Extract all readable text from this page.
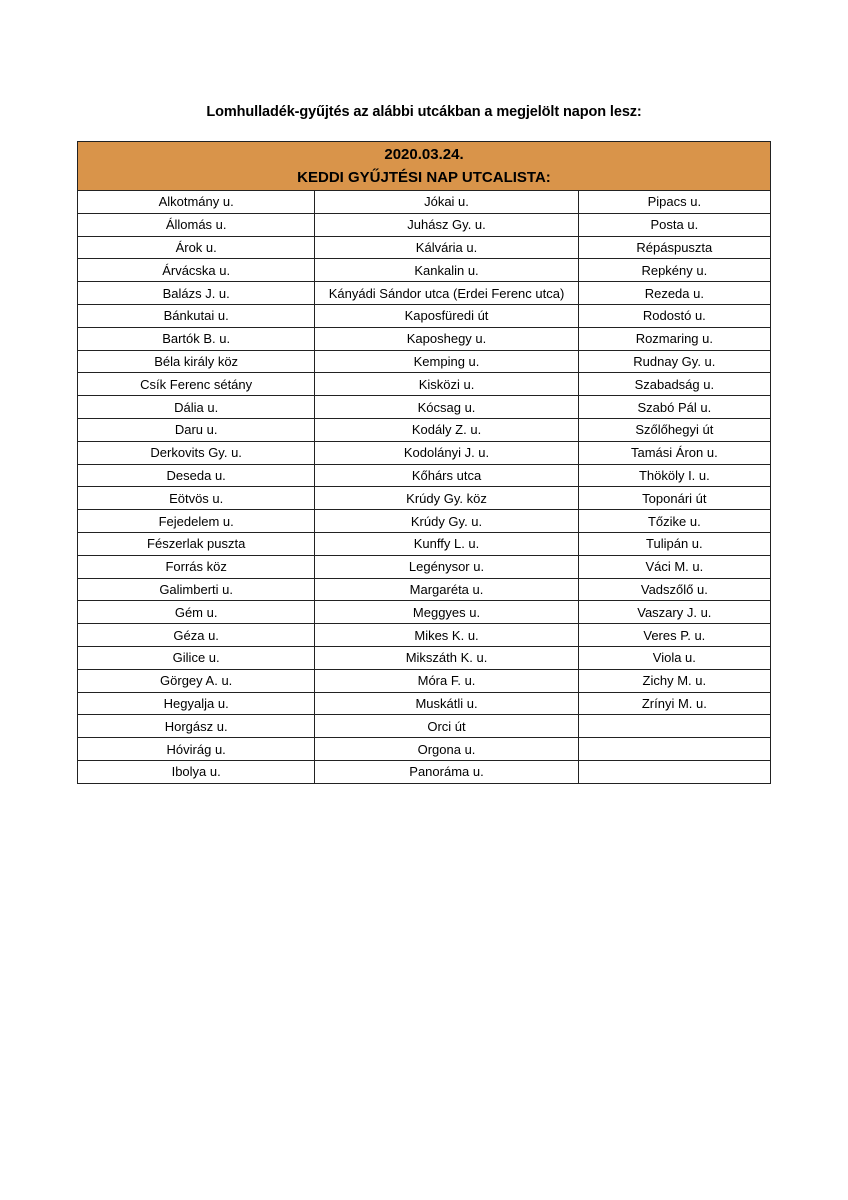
Lomhulladék-gyűjtés az alábbi utcákban a megjelölt napon lesz:
2020.03.24.
KEDDI GYŰJTÉSI NAP UTCALISTA:		

Alkotmány u.	Jókai u.	Pipacs u.
Állomás u.	Juhász Gy. u.	Posta u.
Árok u.	Kálvária u.	Répáspuszta
Árvácska u.	Kankalin u.	Repkény u.
Balázs J. u.	Kányádi Sándor utca (Erdei Ferenc utca)	Rezeda u.
Bánkutai u.	Kaposfüredi út	Rodostó u.
Bartók B. u.	Kaposhegy u.	Rozmaring u.
Béla király köz	Kemping u.	Rudnay Gy. u.
Csík Ferenc sétány	Kisközi u.	Szabadság u.
Dália u.	Kócsag u.	Szabó Pál u.
Daru u.	Kodály Z. u.	Szőlőhegyi út
Derkovits Gy. u.	Kodolányi J. u.	Tamási Áron u.
Deseda u.	Kőhárs utca	Thököly I. u.
Eötvös u.	Krúdy Gy. köz	Toponári út
Fejedelem u.	Krúdy Gy. u.	Tőzike u.
Fészerlak puszta	Kunffy L. u.	Tulipán u.
Forrás köz	Legénysor u.	Váci M. u.
Galimberti u.	Margaréta u.	Vadszőlő u.
Gém u.	Meggyes u.	Vaszary J. u.
Géza u.	Mikes K. u.	Veres P. u.
Gilice u.	Mikszáth K. u.	Viola u.
Görgey A. u.	Móra F. u.	Zichy M. u.
Hegyalja u.	Muskátli u.	Zrínyi M. u.
Horgász u.	Orci út	
Hóvirág u.	Orgona u.	
Ibolya u.	Panoráma u.	
